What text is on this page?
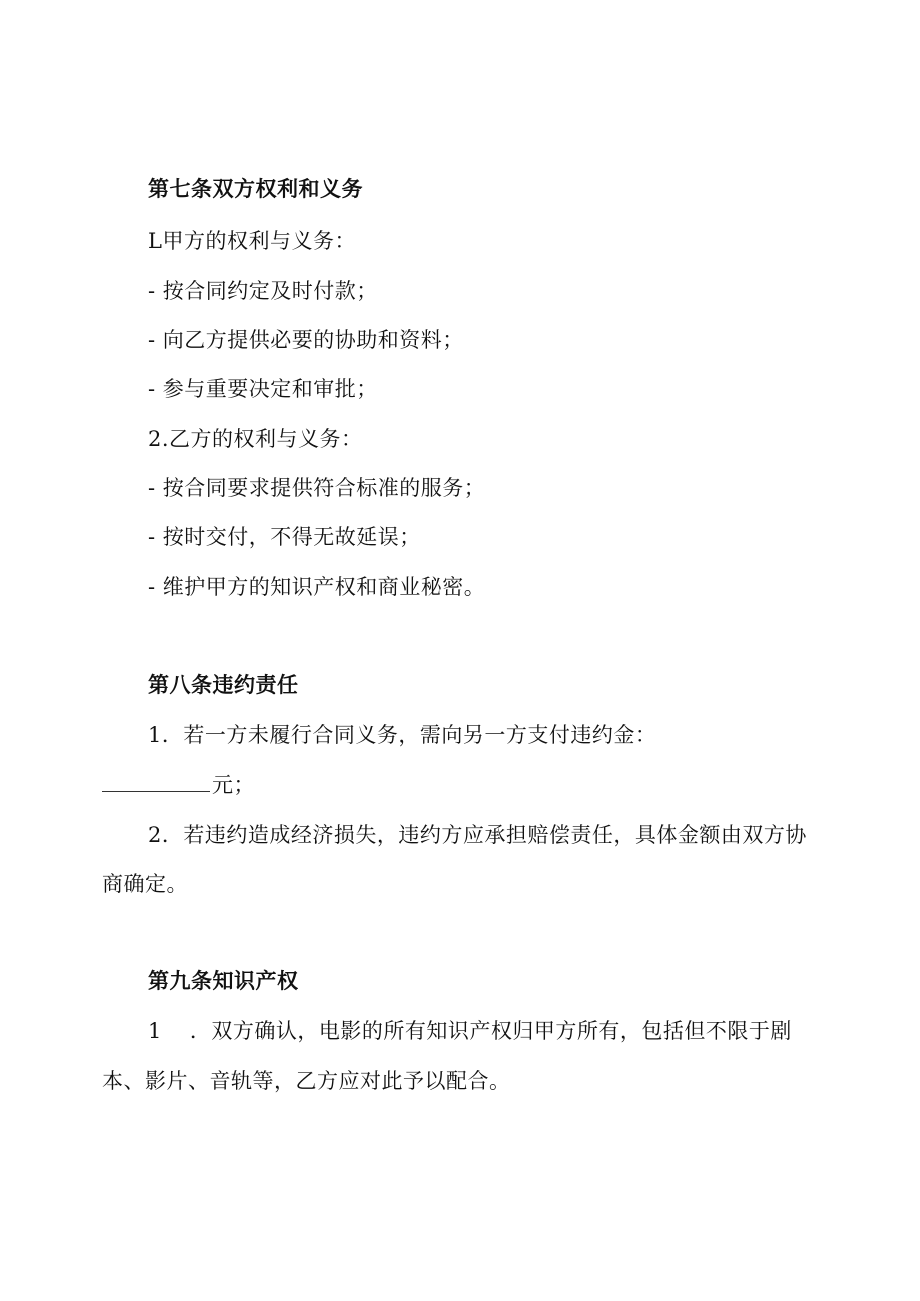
第七条双方权利和义务
L甲方的权利与义务：
- 按合同约定及时付款；
- 向乙方提供必要的协助和资料；
- 参与重要决定和审批；
2.乙方的权利与义务：
- 按合同要求提供符合标准的服务；
- 按时交付，不得无故延误；
- 维护甲方的知识产权和商业秘密。
第八条违约责任
1．若一方未履行合同义务，需向另一方支付违约金：
元；
2．若违约造成经济损失，违约方应承担赔偿责任，具体金额由双方协
商确定。
第九条知识产权
1 ．双方确认，电影的所有知识产权归甲方所有，包括但不限于剧
本、影片、音轨等，乙方应对此予以配合。
